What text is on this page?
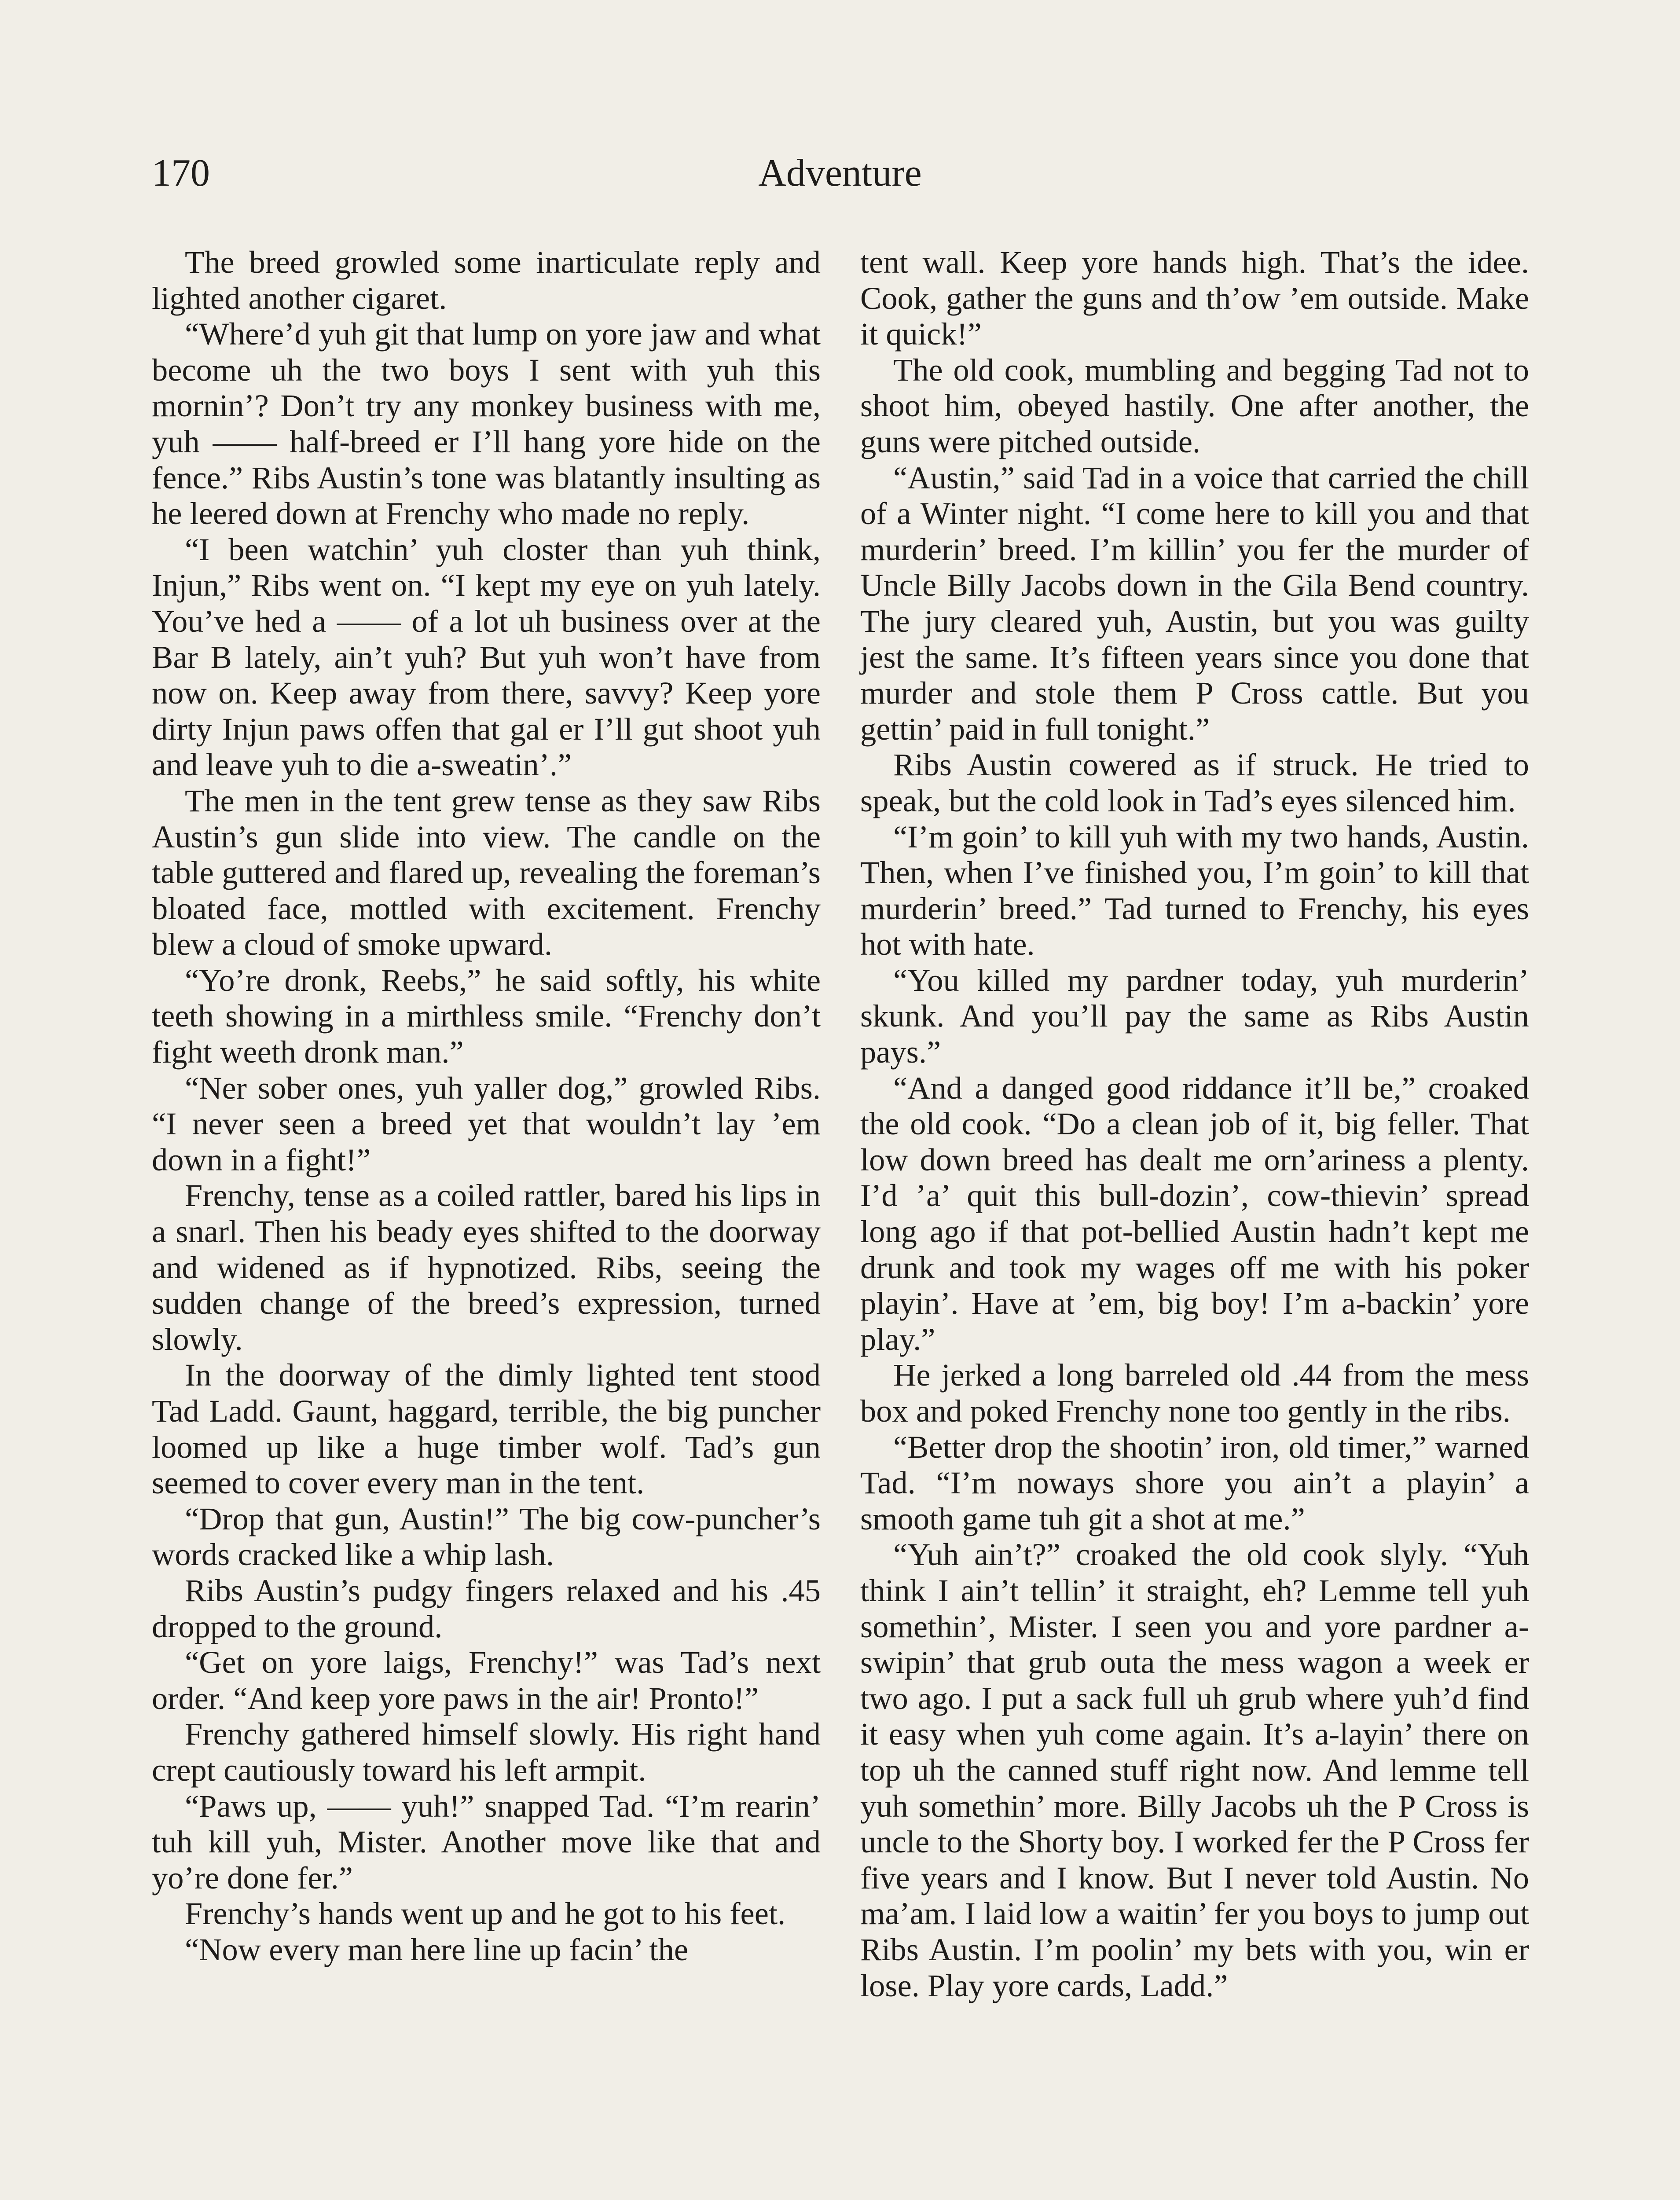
170	Adventure

The breed growled some inarticulate reply and lighted another cigaret.

“Where’d yuh git that lump on yore jaw and what become uh the two boys I sent with yuh this mornin’? Don’t try any monkey business with me, yuh —— half-breed er I’ll hang yore hide on the fence.” Ribs Austin’s tone was blatantly insulting as he leered down at Frenchy who made no reply.

“I been watchin’ yuh closter than yuh think, Injun,” Ribs went on. “I kept my eye on yuh lately. You’ve hed a —— of a lot uh business over at the Bar B lately, ain’t yuh? But yuh won’t have from now on. Keep away from there, savvy? Keep yore dirty Injun paws offen that gal er I’ll gut shoot yuh and leave yuh to die a-sweatin’.”

The men in the tent grew tense as they saw Ribs Austin’s gun slide into view. The candle on the table guttered and flared up, revealing the foreman’s bloated face, mottled with excitement. Frenchy blew a cloud of smoke upward.

“Yo’re dronk, Reebs,” he said softly, his white teeth showing in a mirthless smile. “Frenchy don’t fight weeth dronk man.”

“Ner sober ones, yuh yaller dog,” growled Ribs. “I never seen a breed yet that wouldn’t lay ’em down in a fight!”

Frenchy, tense as a coiled rattler, bared his lips in a snarl. Then his beady eyes shifted to the doorway and widened as if hypnotized. Ribs, seeing the sudden change of the breed’s expression, turned slowly.

In the doorway of the dimly lighted tent stood Tad Ladd. Gaunt, haggard, terrible, the big puncher loomed up like a huge timber wolf. Tad’s gun seemed to cover every man in the tent.

“Drop that gun, Austin!” The big cow-puncher’s words cracked like a whip lash.

Ribs Austin’s pudgy fingers relaxed and his .45 dropped to the ground.

“Get on yore laigs, Frenchy!” was Tad’s next order. “And keep yore paws in the air! Pronto!”

Frenchy gathered himself slowly. His right hand crept cautiously toward his left armpit.

“Paws up, —— yuh!” snapped Tad. “I’m rearin’ tuh kill yuh, Mister. Another move like that and yo’re done fer.”

Frenchy’s hands went up and he got to his feet.

“Now every man here line up facin’ the

tent wall. Keep yore hands high. That’s the idee. Cook, gather the guns and th’ow ’em outside. Make it quick!”

The old cook, mumbling and begging Tad not to shoot him, obeyed hastily. One after another, the guns were pitched outside.

“Austin,” said Tad in a voice that carried the chill of a Winter night. “I come here to kill you and that murderin’ breed. I’m killin’ you fer the murder of Uncle Billy Jacobs down in the Gila Bend country. The jury cleared yuh, Austin, but you was guilty jest the same. It’s fifteen years since you done that murder and stole them P Cross cattle. But you gettin’ paid in full tonight.”

Ribs Austin cowered as if struck. He tried to speak, but the cold look in Tad’s eyes silenced him.

“I’m goin’ to kill yuh with my two hands, Austin. Then, when I’ve finished you, I’m goin’ to kill that murderin’ breed.” Tad turned to Frenchy, his eyes hot with hate.

“You killed my pardner today, yuh murderin’ skunk. And you’ll pay the same as Ribs Austin pays.”

“And a danged good riddance it’ll be,” croaked the old cook. “Do a clean job of it, big feller. That low down breed has dealt me orn’ariness a plenty. I’d ’a’ quit this bull-dozin’, cow-thievin’ spread long ago if that pot-bellied Austin hadn’t kept me drunk and took my wages off me with his poker playin’. Have at ’em, big boy! I’m a-backin’ yore play.”

He jerked a long barreled old .44 from the mess box and poked Frenchy none too gently in the ribs.

“Better drop the shootin’ iron, old timer,” warned Tad. “I’m noways shore you ain’t a playin’ a smooth game tuh git a shot at me.”

“Yuh ain’t?” croaked the old cook slyly. “Yuh think I ain’t tellin’ it straight, eh? Lemme tell yuh somethin’, Mister. I seen you and yore pardner a-swipin’ that grub outa the mess wagon a week er two ago. I put a sack full uh grub where yuh’d find it easy when yuh come again. It’s a-layin’ there on top uh the canned stuff right now. And lemme tell yuh somethin’ more. Billy Jacobs uh the P Cross is uncle to the Shorty boy. I worked fer the P Cross fer five years and I know. But I never told Austin. No ma’am. I laid low a waitin’ fer you boys to jump out Ribs Austin. I’m poolin’ my bets with you, win er lose. Play yore cards, Ladd.”
